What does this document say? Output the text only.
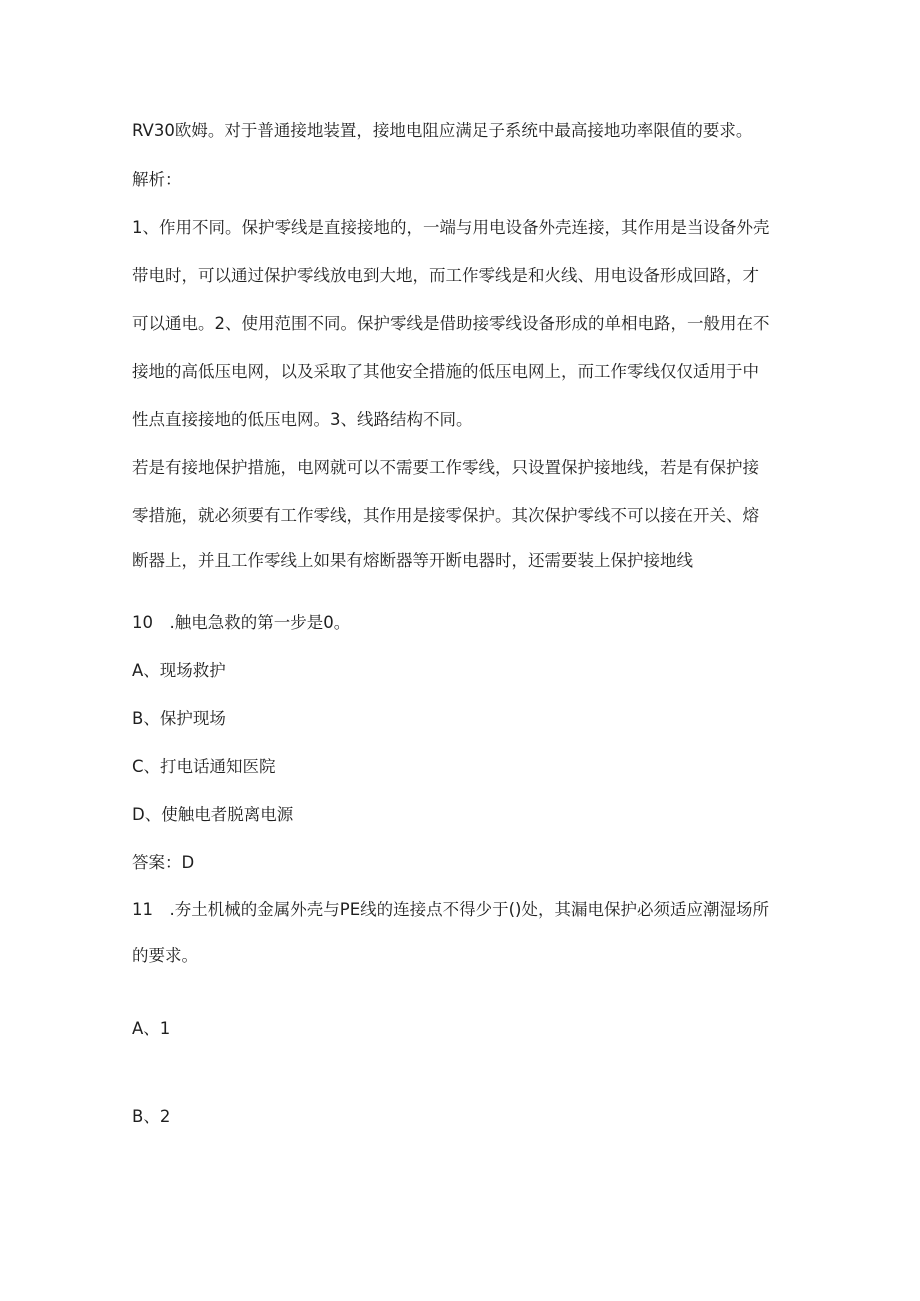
RV30欧姆。对于普通接地装置，接地电阻应满足子系统中最高接地功率限值的要求。
解析：
1、作用不同。保护零线是直接接地的，一端与用电设备外壳连接，其作用是当设备外壳
带电时，可以通过保护零线放电到大地，而工作零线是和火线、用电设备形成回路，才
可以通电。2、使用范围不同。保护零线是借助接零线设备形成的单相电路，一般用在不
接地的高低压电网，以及采取了其他安全措施的低压电网上，而工作零线仅仅适用于中
性点直接接地的低压电网。3、线路结构不同。
若是有接地保护措施，电网就可以不需要工作零线，只设置保护接地线，若是有保护接
零措施，就必须要有工作零线，其作用是接零保护。其次保护零线不可以接在开关、熔
断器上，并且工作零线上如果有熔断器等开断电器时，还需要装上保护接地线
10　.触电急救的第一步是0。
A、现场救护
B、保护现场
C、打电话通知医院
D、使触电者脱离电源
答案：D
11　.夯土机械的金属外壳与PE线的连接点不得少于()处，其漏电保护必须适应潮湿场所
的要求。
A、1
B、2
